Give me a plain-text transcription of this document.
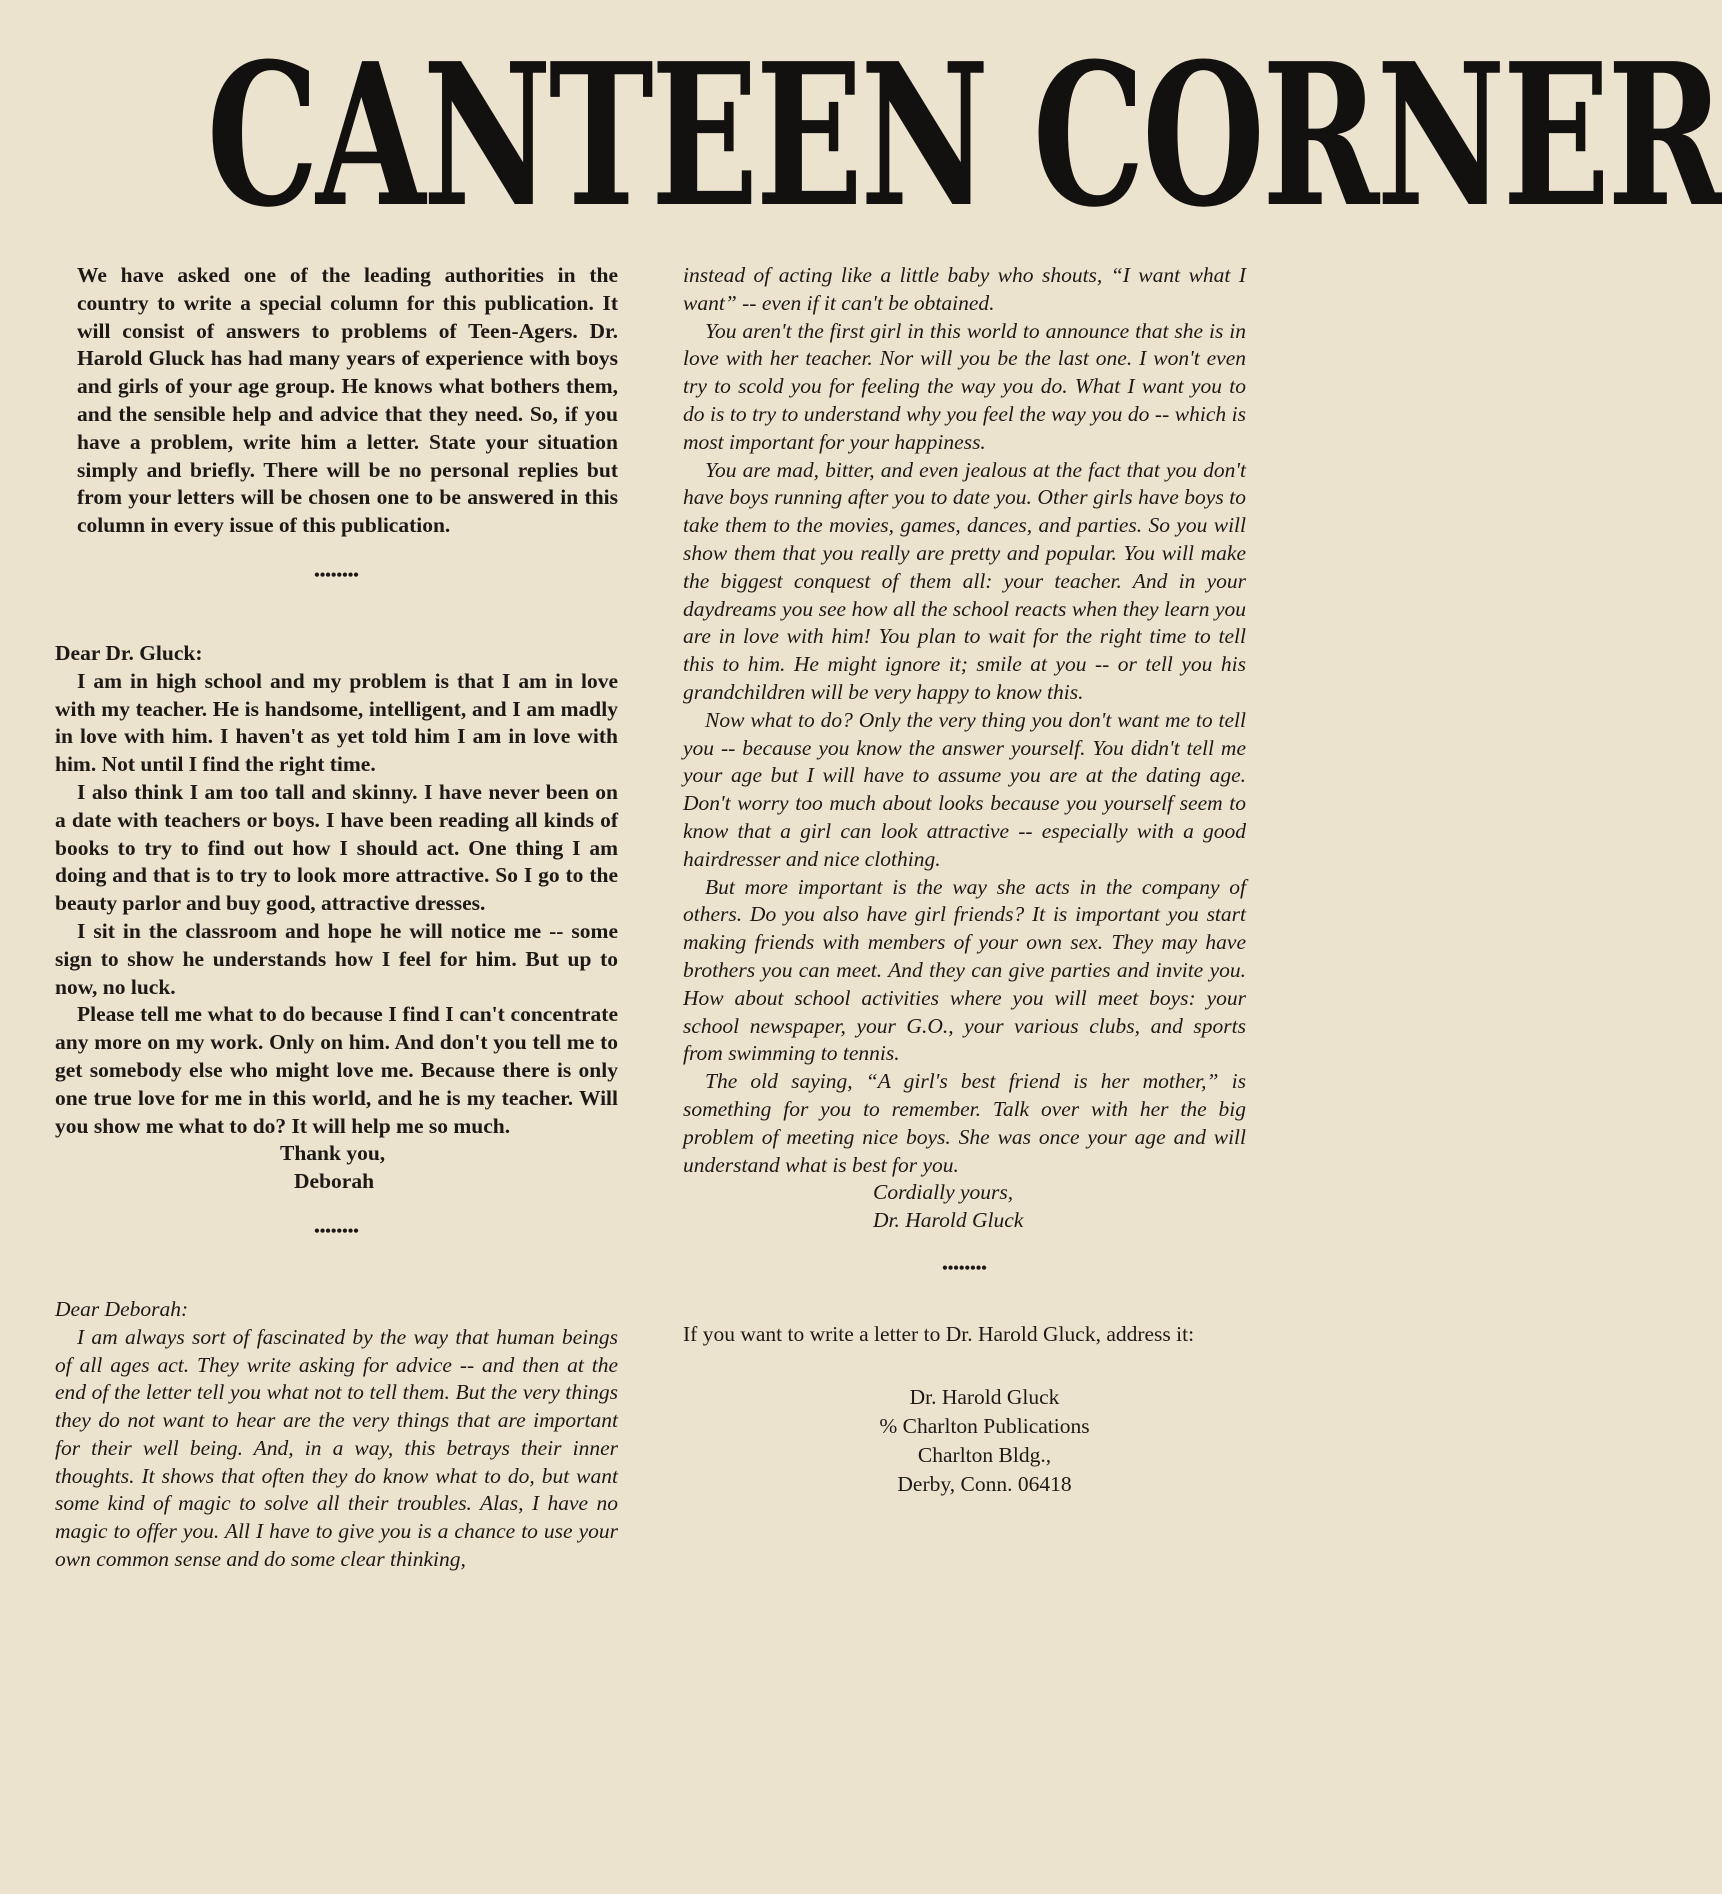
CANTEEN CORNER

We have asked one of the leading authorities in the country to write a special column for this publication. It will consist of answers to problems of Teen-Agers. Dr. Harold Gluck has had many years of experience with boys and girls of your age group. He knows what bothers them, and the sensible help and advice that they need. So, if you have a problem, write him a letter. State your situation simply and briefly. There will be no personal replies but from your letters will be chosen one to be answered in this column in every issue of this publication.

••••••••

Dear Dr. Gluck:

I am in high school and my problem is that I am in love with my teacher. He is handsome, intelligent, and I am madly in love with him. I haven't as yet told him I am in love with him. Not until I find the right time.

I also think I am too tall and skinny. I have never been on a date with teachers or boys. I have been reading all kinds of books to try to find out how I should act. One thing I am doing and that is to try to look more attractive. So I go to the beauty parlor and buy good, attractive dresses.

I sit in the classroom and hope he will notice me -- some sign to show he understands how I feel for him. But up to now, no luck.

Please tell me what to do because I find I can't concentrate any more on my work. Only on him. And don't you tell me to get somebody else who might love me. Because there is only one true love for me in this world, and he is my teacher. Will you show me what to do? It will help me so much.

Thank you,
Deborah
••••••••

Dear Deborah:

I am always sort of fascinated by the way that human beings of all ages act. They write asking for advice -- and then at the end of the letter tell you what not to tell them. But the very things they do not want to hear are the very things that are important for their well being. And, in a way, this betrays their inner thoughts. It shows that often they do know what to do, but want some kind of magic to solve all their troubles. Alas, I have no magic to offer you. All I have to give you is a chance to use your own common sense and do some clear thinking,

instead of acting like a little baby who shouts, “I want what I want” -- even if it can't be obtained.

You aren't the first girl in this world to announce that she is in love with her teacher. Nor will you be the last one. I won't even try to scold you for feeling the way you do. What I want you to do is to try to understand why you feel the way you do -- which is most important for your happiness.

You are mad, bitter, and even jealous at the fact that you don't have boys running after you to date you. Other girls have boys to take them to the movies, games, dances, and parties. So you will show them that you really are pretty and popular. You will make the biggest conquest of them all: your teacher. And in your daydreams you see how all the school reacts when they learn you are in love with him! You plan to wait for the right time to tell this to him. He might ignore it; smile at you -- or tell you his grandchildren will be very happy to know this.

Now what to do? Only the very thing you don't want me to tell you -- because you know the answer yourself. You didn't tell me your age but I will have to assume you are at the dating age. Don't worry too much about looks because you yourself seem to know that a girl can look attractive -- especially with a good hairdresser and nice clothing.

But more important is the way she acts in the company of others. Do you also have girl friends? It is important you start making friends with members of your own sex. They may have brothers you can meet. And they can give parties and invite you. How about school activities where you will meet boys: your school newspaper, your G.O., your various clubs, and sports from swimming to tennis.

The old saying, “A girl's best friend is her mother,” is something for you to remember. Talk over with her the big problem of meeting nice boys. She was once your age and will understand what is best for you.

Cordially yours,
Dr. Harold Gluck
••••••••

If you want to write a letter to Dr. Harold Gluck, address it:

Dr. Harold Gluck
% Charlton Publications
Charlton Bldg.,
Derby, Conn. 06418
